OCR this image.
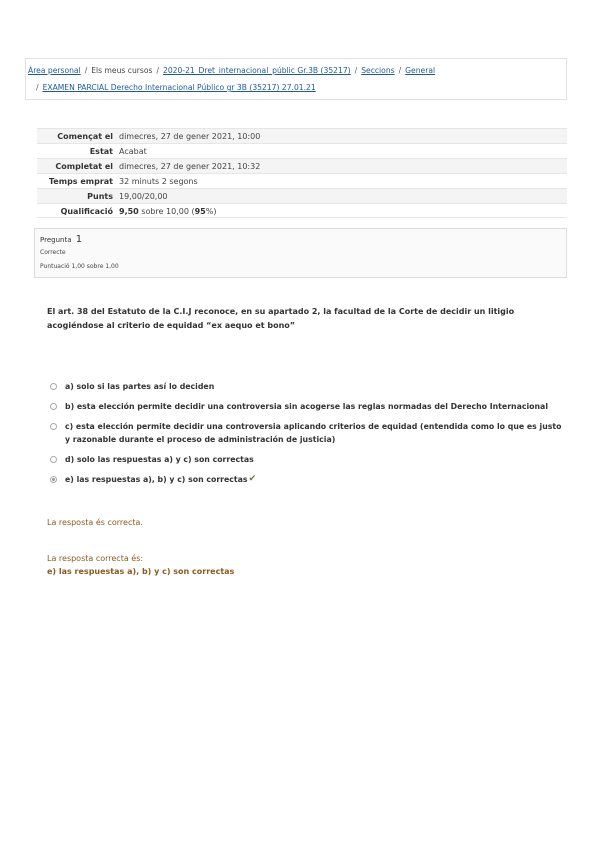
Àrea personal / Els meus cursos / 2020-21_Dret_internacional_públic Gr.3B (35217) / Seccions / General
/ EXAMEN PARCIAL Derecho Internacional Público gr 3B (35217) 27.01.21
Començat el dimecres, 27 de gener 2021, 10:00
Estat Acabat
Completat el dimecres, 27 de gener 2021, 10:32
Temps emprat 32 minuts 2 segons
Punts 19,00/20,00
Qualificació 9,50 sobre 10,00 (95%)
Pregunta 1
Correcte
Puntuació 1,00 sobre 1,00
El art. 38 del Estatuto de la C.I.J reconoce, en su apartado 2, la facultad de la Corte de decidir un litigio acogiéndose al criterio de equidad “ex aequo et bono”
a) solo si las partes así lo deciden
b) esta elección permite decidir una controversia sin acogerse las reglas normadas del Derecho Internacional
c) esta elección permite decidir una controversia aplicando criterios de equidad (entendida como lo que es justo y razonable durante el proceso de administración de justicia)
d) solo las respuestas a) y c) son correctas
e) las respuestas a), b) y c) son correctas ✔
La resposta és correcta.
La resposta correcta és:
e) las respuestas a), b) y c) son correctas
